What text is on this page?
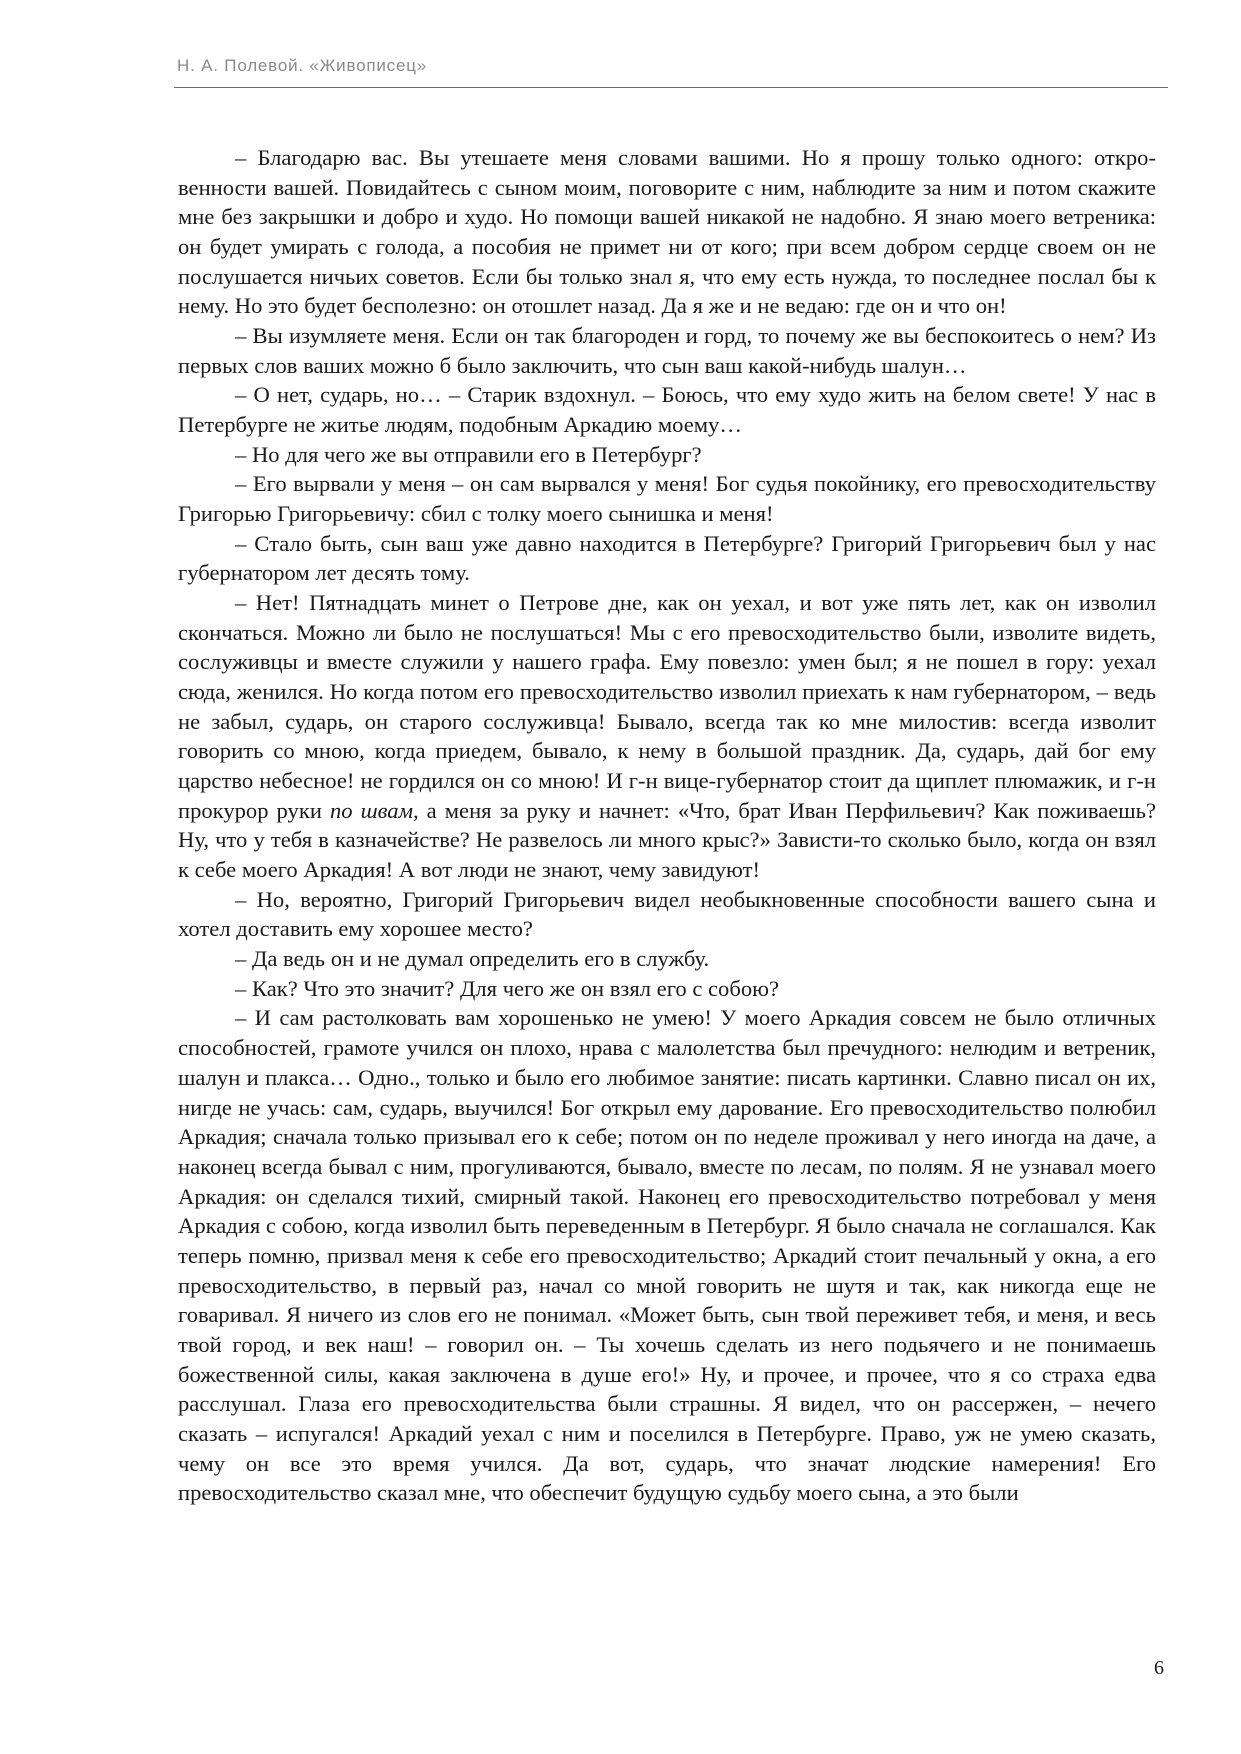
Н. А. Полевой. «Живописец»

– Благодарю вас. Вы утешаете меня словами вашими. Но я прошу только одного: откровенности вашей. Повидайтесь с сыном моим, поговорите с ним, наблюдите за ним и потом скажите мне без закрышки и добро и худо. Но помощи вашей никакой не надобно. Я знаю моего ветреника: он будет умирать с голода, а пособия не примет ни от кого; при всем добром сердце своем он не послушается ничьих советов. Если бы только знал я, что ему есть нужда, то последнее послал бы к нему. Но это будет бесполезно: он отошлет назад. Да я же и не ведаю: где он и что он!

– Вы изумляете меня. Если он так благороден и горд, то почему же вы беспокоитесь о нем? Из первых слов ваших можно б было заключить, что сын ваш какой-нибудь шалун…

– О нет, сударь, но… – Старик вздохнул. – Боюсь, что ему худо жить на белом свете! У нас в Петербурге не житье людям, подобным Аркадию моему…

– Но для чего же вы отправили его в Петербург?

– Его вырвали у меня – он сам вырвался у меня! Бог судья покойнику, его превосходительству Григорью Григорьевичу: сбил с толку моего сынишка и меня!

– Стало быть, сын ваш уже давно находится в Петербурге? Григорий Григорьевич был у нас губернатором лет десять тому.

– Нет! Пятнадцать минет о Петрове дне, как он уехал, и вот уже пять лет, как он изволил скончаться. Можно ли было не послушаться! Мы с его превосходительство были, изволите видеть, сослуживцы и вместе служили у нашего графа. Ему повезло: умен был; я не пошел в гору: уехал сюда, женился. Но когда потом его превосходительство изволил приехать к нам губернатором, – ведь не забыл, сударь, он старого сослуживца! Бывало, всегда так ко мне милостив: всегда изволит говорить со мною, когда приедем, бывало, к нему в большой праздник. Да, сударь, дай бог ему царство небесное! не гордился он со мною! И г-н вице-губернатор стоит да щиплет плюмажик, и г-н прокурор руки по швам, а меня за руку и начнет: «Что, брат Иван Перфильевич? Как поживаешь? Ну, что у тебя в казначействе? Не развелось ли много крыс?» Зависти-то сколько было, когда он взял к себе моего Аркадия! А вот люди не знают, чему завидуют!

– Но, вероятно, Григорий Григорьевич видел необыкновенные способности вашего сына и хотел доставить ему хорошее место?

– Да ведь он и не думал определить его в службу.

– Как? Что это значит? Для чего же он взял его с собою?

– И сам растолковать вам хорошенько не умею! У моего Аркадия совсем не было отличных способностей, грамоте учился он плохо, нрава с малолетства был пречудного: нелюдим и ветреник, шалун и плакса… Одно., только и было его любимое занятие: писать картинки. Славно писал он их, нигде не учась: сам, сударь, выучился! Бог открыл ему дарование. Его превосходительство полюбил Аркадия; сначала только призывал его к себе; потом он по неделе проживал у него иногда на даче, а наконец всегда бывал с ним, прогуливаются, бывало, вместе по лесам, по полям. Я не узнавал моего Аркадия: он сделался тихий, смирный такой. Наконец его превосходительство потребовал у меня Аркадия с собою, когда изволил быть переведенным в Петербург. Я было сначала не соглашался. Как теперь помню, призвал меня к себе его превосходительство; Аркадий стоит печальный у окна, а его превосходительство, в первый раз, начал со мной говорить не шутя и так, как никогда еще не говаривал. Я ничего из слов его не понимал. «Может быть, сын твой переживет тебя, и меня, и весь твой город, и век наш! – говорил он. – Ты хочешь сделать из него подьячего и не понимаешь божественной силы, какая заключена в душе его!» Ну, и прочее, и прочее, что я со страха едва расслушал. Глаза его превосходительства были страшны. Я видел, что он рассержен, – нечего сказать – испугался! Аркадий уехал с ним и поселился в Петербурге. Право, уж не умею сказать, чему он все это время учился. Да вот, сударь, что значат людские намерения! Его превосходительство сказал мне, что обеспечит будущую судьбу моего сына, а это были

6
